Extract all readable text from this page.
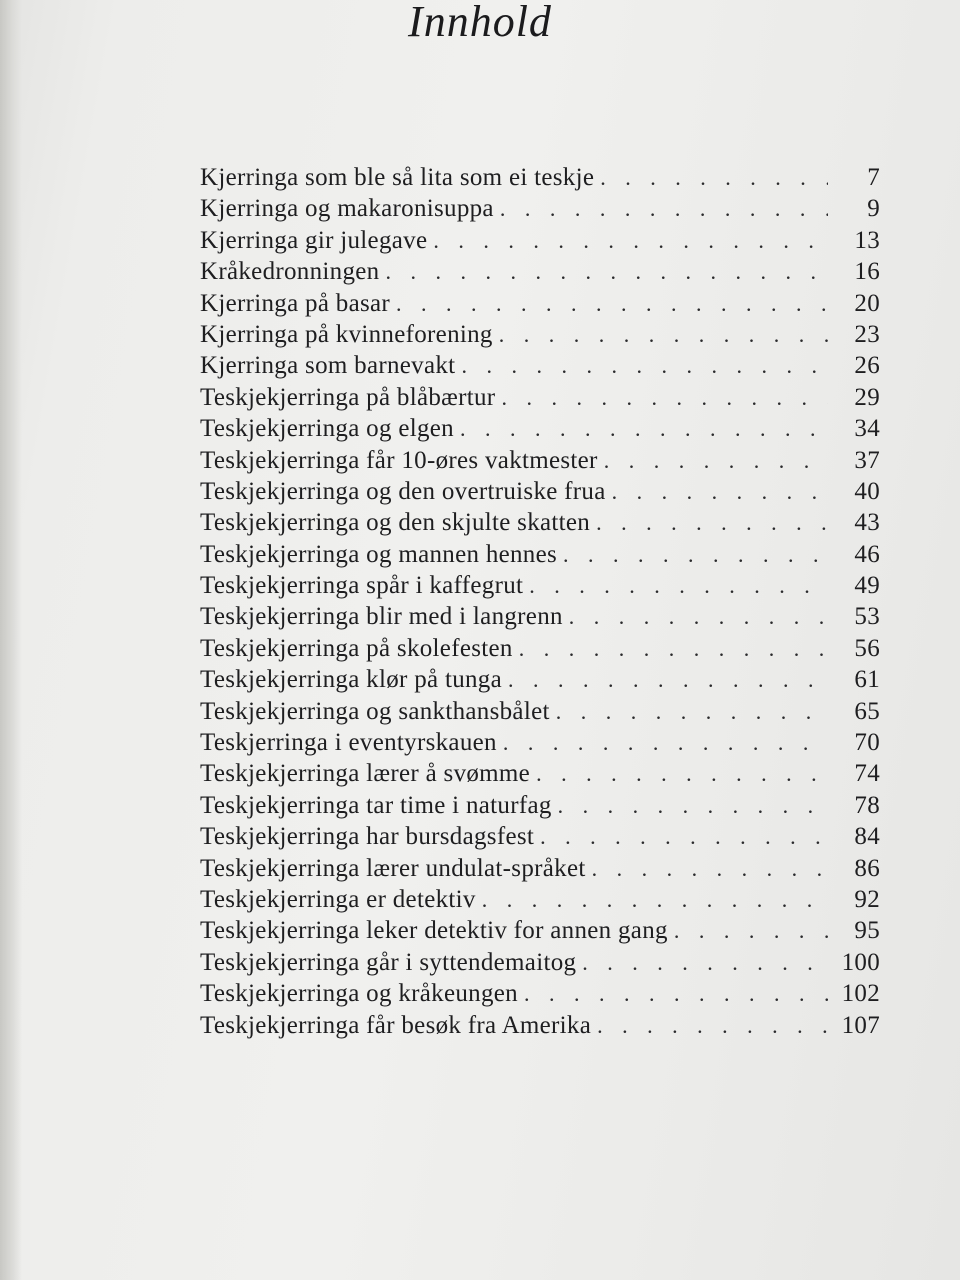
Innhold
Kjerringa som ble så lita som ei teskje . . .	7
Kjerringa og makaronisuppa . . .	9
Kjerringa gir julegave . . .	13
Kråkedronningen . . .	16
Kjerringa på basar . . .	20
Kjerringa på kvinneforening . . .	23
Kjerringa som barnevakt . . .	26
Teskjekjerringa på blåbærtur . . .	29
Teskjekjerringa og elgen . . .	34
Teskjekjerringa får 10-øres vaktmester . . .	37
Teskjekjerringa og den overtruiske frua . . .	40
Teskjekjerringa og den skjulte skatten . . .	43
Teskjekjerringa og mannen hennes . . .	46
Teskjekjerringa spår i kaffegrut . . .	49
Teskjekjerringa blir med i langrenn . . .	53
Teskjekjerringa på skolefesten . . .	56
Teskjekjerringa klør på tunga . . .	61
Teskjekjerringa og sankthansbålet . . .	65
Teskjerringa i eventyrskauen . . .	70
Teskjekjerringa lærer å svømme . . .	74
Teskjekjerringa tar time i naturfag . . .	78
Teskjekjerringa har bursdagsfest . . .	84
Teskjekjerringa lærer undulat-språket . . .	86
Teskjekjerringa er detektiv . . .	92
Teskjekjerringa leker detektiv for annen gang . . .	95
Teskjekjerringa går i syttendemaitog . . .	100
Teskjekjerringa og kråkeungen . . .	102
Teskjekjerringa får besøk fra Amerika . . .	107
